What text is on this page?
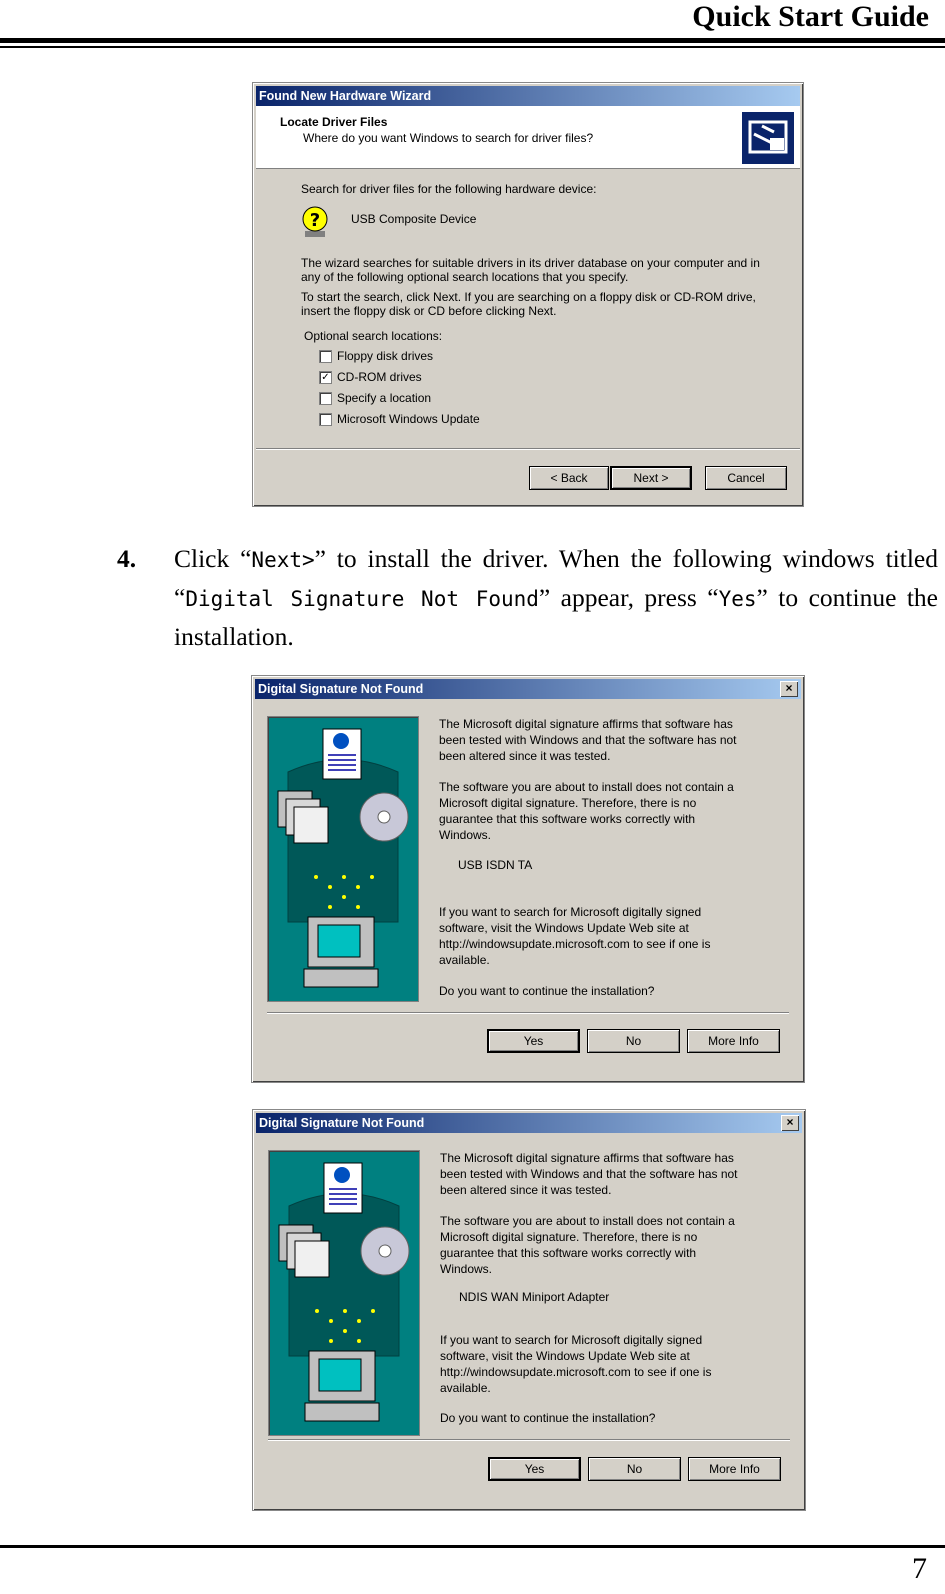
Quick Start Guide
Found New Hardware Wizard
Locate Driver Files
Where do you want Windows to search for driver files?
Search for driver files for the following hardware device:
?	USB Composite Device
The wizard searches for suitable drivers in its driver database on your computer and in
any of the following optional search locations that you specify.
To start the search, click Next. If you are searching on a floppy disk or CD-ROM drive,
insert the floppy disk or CD before clicking Next.
Optional search locations:
Floppy disk drives
✓ CD-ROM drives
Specify a location
Microsoft Windows Update
< Back	Next >	Cancel
4. Click “Next>” to install the driver. When the following windows titled “Digital Signature Not Found” appear, press “Yes” to continue the installation.
Digital Signature Not Found	×
The Microsoft digital signature affirms that software has
been tested with Windows and that the software has not
been altered since it was tested.
The software you are about to install does not contain a
Microsoft digital signature. Therefore, there is no
guarantee that this software works correctly with
Windows.
USB ISDN TA
If you want to search for Microsoft digitally signed
software, visit the Windows Update Web site at
http://windowsupdate.microsoft.com to see if one is
available.
Do you want to continue the installation?
Yes	No	More Info
Digital Signature Not Found	×
The Microsoft digital signature affirms that software has
been tested with Windows and that the software has not
been altered since it was tested.
The software you are about to install does not contain a
Microsoft digital signature. Therefore, there is no
guarantee that this software works correctly with
Windows.
NDIS WAN Miniport Adapter
If you want to search for Microsoft digitally signed
software, visit the Windows Update Web site at
http://windowsupdate.microsoft.com to see if one is
available.
Do you want to continue the installation?
Yes	No	More Info
7
